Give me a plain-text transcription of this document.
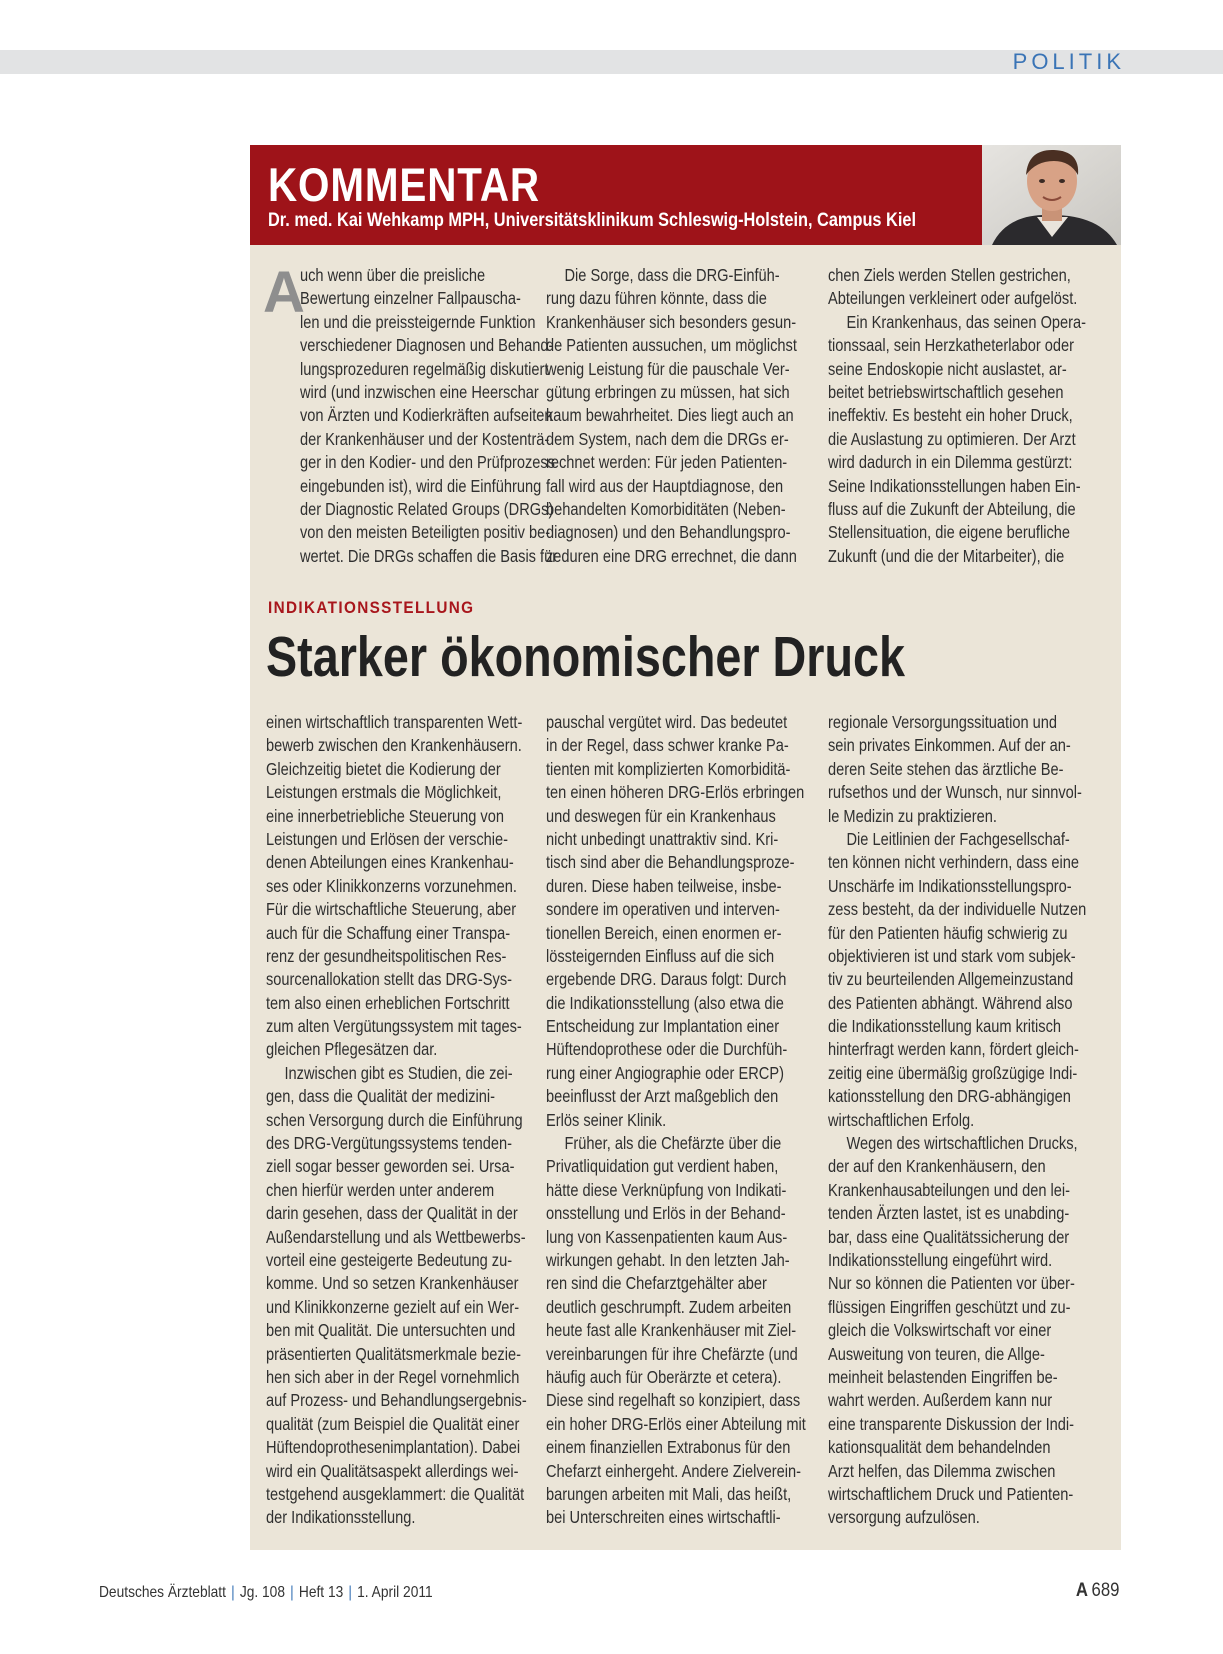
POLITIK
KOMMENTAR
Dr. med. Kai Wehkamp MPH, Universitätsklinikum Schleswig-Holstein, Campus Kiel
A
uch wenn über die preisliche
Bewertung einzelner Fallpauscha-
len und die preissteigernde Funktion
verschiedener Diagnosen und Behand-
lungsprozeduren regelmäßig diskutiert
wird (und inzwischen eine Heerschar
von Ärzten und Kodierkräften aufseiten
der Krankenhäuser und der Kostenträ-
ger in den Kodier- und den Prüfprozess
eingebunden ist), wird die Einführung
der Diagnostic Related Groups (DRGs)
von den meisten Beteiligten positiv be-
wertet. Die DRGs schaffen die Basis für
Die Sorge, dass die DRG-Einfüh-
rung dazu führen könnte, dass die
Krankenhäuser sich besonders gesun-
de Patienten aussuchen, um möglichst
wenig Leistung für die pauschale Ver-
gütung erbringen zu müssen, hat sich
kaum bewahrheitet. Dies liegt auch an
dem System, nach dem die DRGs er-
rechnet werden: Für jeden Patienten-
fall wird aus der Hauptdiagnose, den
behandelten Komorbiditäten (Neben-
diagnosen) und den Behandlungspro-
zeduren eine DRG errechnet, die dann
chen Ziels werden Stellen gestrichen,
Abteilungen verkleinert oder aufgelöst.
Ein Krankenhaus, das seinen Opera-
tionssaal, sein Herzkatheterlabor oder
seine Endoskopie nicht auslastet, ar-
beitet betriebswirtschaftlich gesehen
ineffektiv. Es besteht ein hoher Druck,
die Auslastung zu optimieren. Der Arzt
wird dadurch in ein Dilemma gestürzt:
Seine Indikationsstellungen haben Ein-
fluss auf die Zukunft der Abteilung, die
Stellensituation, die eigene berufliche
Zukunft (und die der Mitarbeiter), die
INDIKATIONSSTELLUNG
Starker ökonomischer Druck
einen wirtschaftlich transparenten Wett-
bewerb zwischen den Krankenhäusern.
Gleichzeitig bietet die Kodierung der
Leistungen erstmals die Möglichkeit,
eine innerbetriebliche Steuerung von
Leistungen und Erlösen der verschie-
denen Abteilungen eines Krankenhau-
ses oder Klinikkonzerns vorzunehmen.
Für die wirtschaftliche Steuerung, aber
auch für die Schaffung einer Transpa-
renz der gesundheitspolitischen Res-
sourcenallokation stellt das DRG-Sys-
tem also einen erheblichen Fortschritt
zum alten Vergütungssystem mit tages-
gleichen Pflegesätzen dar.
Inzwischen gibt es Studien, die zei-
gen, dass die Qualität der medizini-
schen Versorgung durch die Einführung
des DRG-Vergütungssystems tenden-
ziell sogar besser geworden sei. Ursa-
chen hierfür werden unter anderem
darin gesehen, dass der Qualität in der
Außendarstellung und als Wettbewerbs-
vorteil eine gesteigerte Bedeutung zu-
komme. Und so setzen Krankenhäuser
und Klinikkonzerne gezielt auf ein Wer-
ben mit Qualität. Die untersuchten und
präsentierten Qualitätsmerkmale bezie-
hen sich aber in der Regel vornehmlich
auf Prozess- und Behandlungsergebnis-
qualität (zum Beispiel die Qualität einer
Hüftendoprothesenimplantation). Dabei
wird ein Qualitätsaspekt allerdings wei-
testgehend ausgeklammert: die Qualität
der Indikationsstellung.
pauschal vergütet wird. Das bedeutet
in der Regel, dass schwer kranke Pa-
tienten mit komplizierten Komorbiditä-
ten einen höheren DRG-Erlös erbringen
und deswegen für ein Krankenhaus
nicht unbedingt unattraktiv sind. Kri-
tisch sind aber die Behandlungsproze-
duren. Diese haben teilweise, insbe-
sondere im operativen und interven-
tionellen Bereich, einen enormen er-
lössteigernden Einfluss auf die sich
ergebende DRG. Daraus folgt: Durch
die Indikationsstellung (also etwa die
Entscheidung zur Implantation einer
Hüftendoprothese oder die Durchfüh-
rung einer Angiographie oder ERCP)
beeinflusst der Arzt maßgeblich den
Erlös seiner Klinik.
Früher, als die Chefärzte über die
Privatliquidation gut verdient haben,
hätte diese Verknüpfung von Indikati-
onsstellung und Erlös in der Behand-
lung von Kassenpatienten kaum Aus-
wirkungen gehabt. In den letzten Jah-
ren sind die Chefarztgehälter aber
deutlich geschrumpft. Zudem arbeiten
heute fast alle Krankenhäuser mit Ziel-
vereinbarungen für ihre Chefärzte (und
häufig auch für Oberärzte et cetera).
Diese sind regelhaft so konzipiert, dass
ein hoher DRG-Erlös einer Abteilung mit
einem finanziellen Extrabonus für den
Chefarzt einhergeht. Andere Zielverein-
barungen arbeiten mit Mali, das heißt,
bei Unterschreiten eines wirtschaftli-
regionale Versorgungssituation und
sein privates Einkommen. Auf der an-
deren Seite stehen das ärztliche Be-
rufsethos und der Wunsch, nur sinnvol-
le Medizin zu praktizieren.
Die Leitlinien der Fachgesellschaf-
ten können nicht verhindern, dass eine
Unschärfe im Indikationsstellungspro-
zess besteht, da der individuelle Nutzen
für den Patienten häufig schwierig zu
objektivieren ist und stark vom subjek-
tiv zu beurteilenden Allgemeinzustand
des Patienten abhängt. Während also
die Indikationsstellung kaum kritisch
hinterfragt werden kann, fördert gleich-
zeitig eine übermäßig großzügige Indi-
kationsstellung den DRG-abhängigen
wirtschaftlichen Erfolg.
Wegen des wirtschaftlichen Drucks,
der auf den Krankenhäusern, den
Krankenhausabteilungen und den lei-
tenden Ärzten lastet, ist es unabding-
bar, dass eine Qualitätssicherung der
Indikationsstellung eingeführt wird.
Nur so können die Patienten vor über-
flüssigen Eingriffen geschützt und zu-
gleich die Volkswirtschaft vor einer
Ausweitung von teuren, die Allge-
meinheit belastenden Eingriffen be-
wahrt werden. Außerdem kann nur
eine transparente Diskussion der Indi-
kationsqualität dem behandelnden
Arzt helfen, das Dilemma zwischen
wirtschaftlichem Druck und Patienten-
versorgung aufzulösen.
Deutsches Ärzteblatt | Jg. 108 | Heft 13 | 1. April 2011	A 689
